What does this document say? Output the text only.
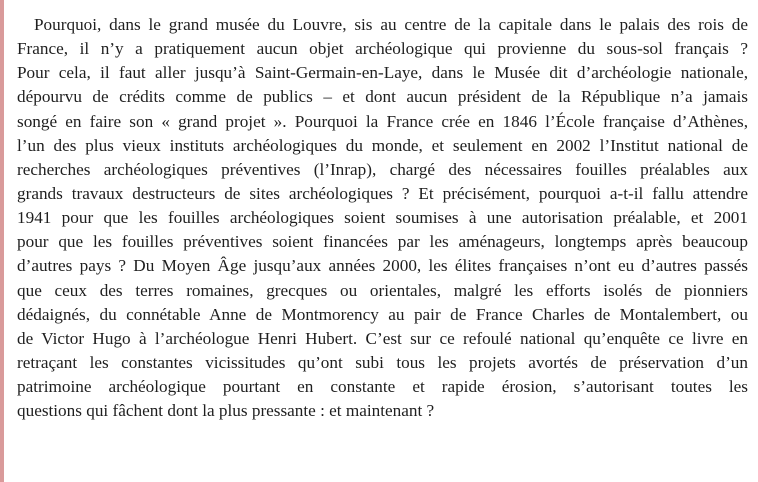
Pourquoi, dans le grand musée du Louvre, sis au centre de la capitale dans le palais des rois de
France, il n’y a pratiquement aucun objet archéologique qui provienne du sous-sol français ?
Pour cela, il faut aller jusqu’à Saint-Germain-en-Laye, dans le Musée dit d’archéologie nationale,
dépourvu de crédits comme de publics – et dont aucun président de la République n’a jamais
songé en faire son « grand projet ». Pourquoi la France crée en 1846 l’École française d’Athènes,
l’un des plus vieux instituts archéologiques du monde, et seulement en 2002 l’Institut national de
recherches archéologiques préventives (l’Inrap), chargé des nécessaires fouilles préalables aux
grands travaux destructeurs de sites archéologiques ? Et précisément, pourquoi a-t-il fallu attendre
1941 pour que les fouilles archéologiques soient soumises à une autorisation préalable, et 2001
pour que les fouilles préventives soient financées par les aménageurs, longtemps après beaucoup
d’autres pays ? Du Moyen Âge jusqu’aux années 2000, les élites françaises n’ont eu d’autres passés
que ceux des terres romaines, grecques ou orientales, malgré les efforts isolés de pionniers
dédaignés, du connétable Anne de Montmorency au pair de France Charles de Montalembert, ou
de Victor Hugo à l’archéologue Henri Hubert. C’est sur ce refoulé national qu’enquête ce livre en
retraçant les constantes vicissitudes qu’ont subi tous les projets avortés de préservation d’un
patrimoine archéologique pourtant en constante et rapide érosion, s’autorisant toutes les
questions qui fâchent dont la plus pressante : et maintenant ?
